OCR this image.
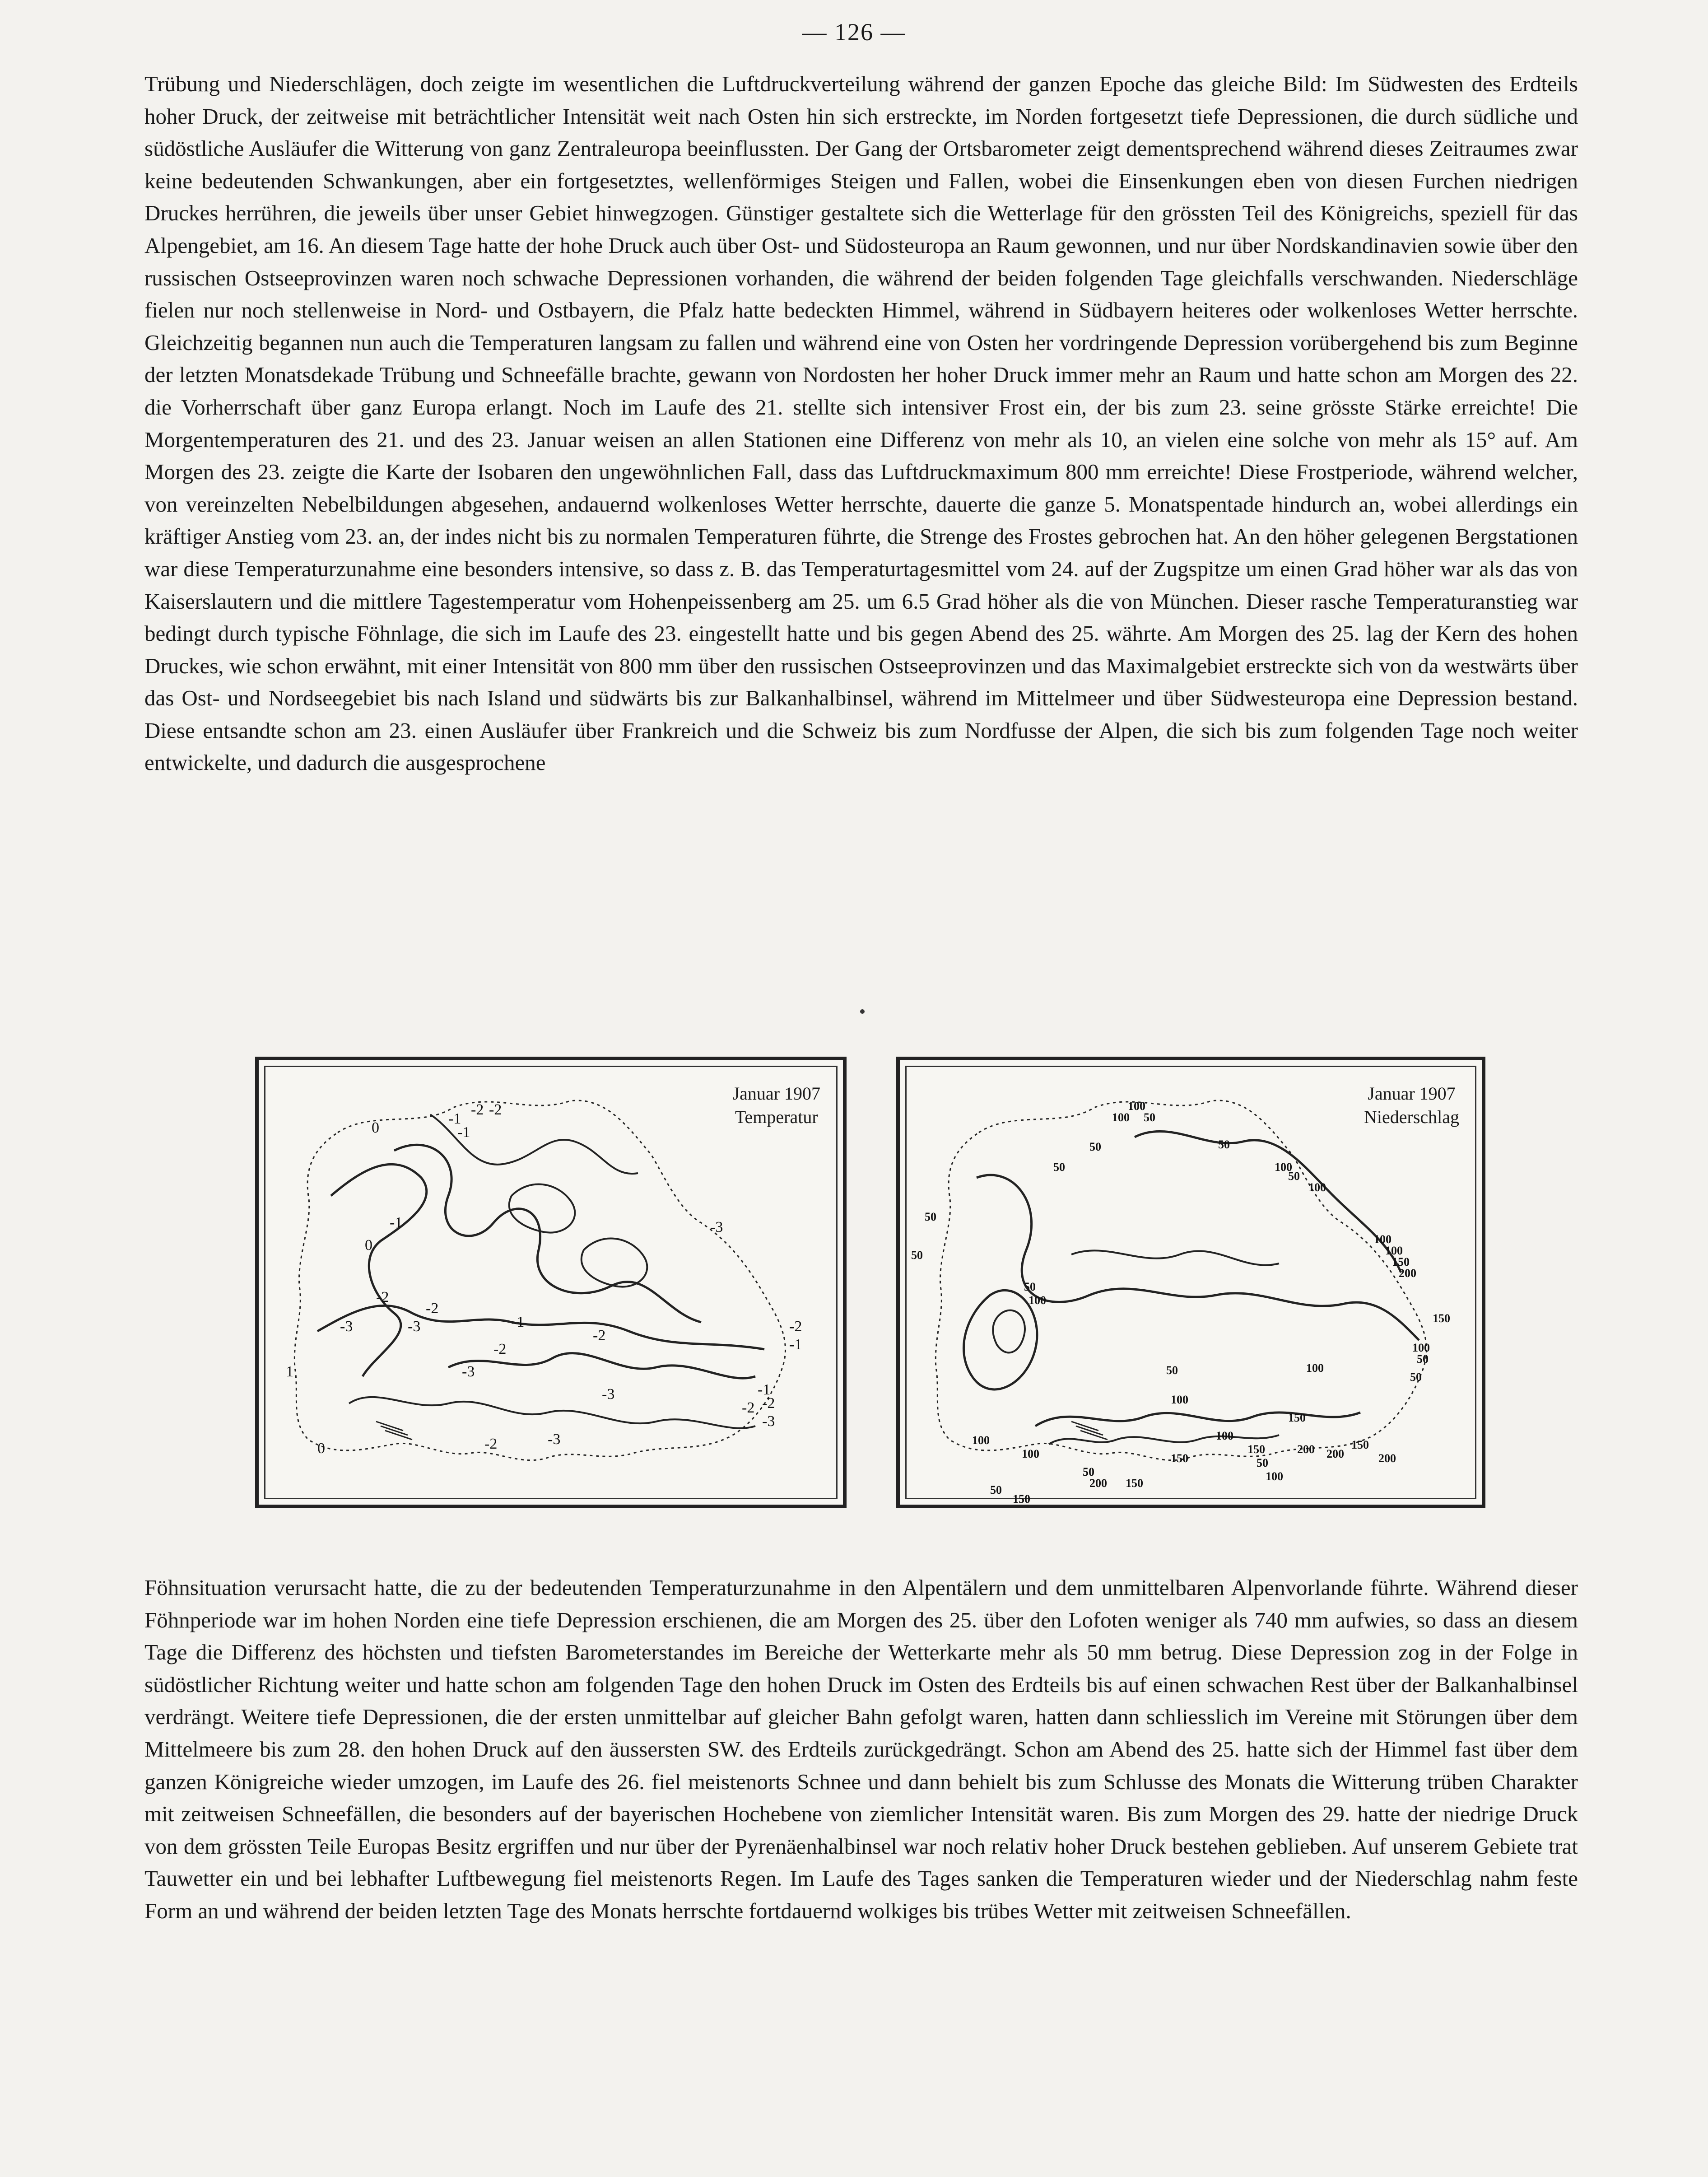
— 126 —

Trübung und Niederschlägen, doch zeigte im wesentlichen die Luftdruckverteilung während der ganzen Epoche das gleiche Bild: Im Südwesten des Erdteils hoher Druck, der zeitweise mit beträchtlicher Intensität weit nach Osten hin sich erstreckte, im Norden fortgesetzt tiefe Depressionen, die durch südliche und südöstliche Ausläufer die Witterung von ganz Zentraleuropa beeinflussten. Der Gang der Ortsbarometer zeigt dementsprechend während dieses Zeitraumes zwar keine bedeutenden Schwankungen, aber ein fortgesetztes, wellenförmiges Steigen und Fallen, wobei die Einsenkungen eben von diesen Furchen niedrigen Druckes herrühren, die jeweils über unser Gebiet hinwegzogen. Günstiger gestaltete sich die Wetterlage für den grössten Teil des Königreichs, speziell für das Alpengebiet, am 16. An diesem Tage hatte der hohe Druck auch über Ost- und Südosteuropa an Raum gewonnen, und nur über Nordskandinavien sowie über den russischen Ostseeprovinzen waren noch schwache Depressionen vorhanden, die während der beiden folgenden Tage gleichfalls verschwanden. Niederschläge fielen nur noch stellenweise in Nord- und Ostbayern, die Pfalz hatte bedeckten Himmel, während in Südbayern heiteres oder wolkenloses Wetter herrschte. Gleichzeitig begannen nun auch die Temperaturen langsam zu fallen und während eine von Osten her vordringende Depression vorübergehend bis zum Beginne der letzten Monatsdekade Trübung und Schneefälle brachte, gewann von Nordosten her hoher Druck immer mehr an Raum und hatte schon am Morgen des 22. die Vorherrschaft über ganz Europa erlangt. Noch im Laufe des 21. stellte sich intensiver Frost ein, der bis zum 23. seine grösste Stärke erreichte! Die Morgentemperaturen des 21. und des 23. Januar weisen an allen Stationen eine Differenz von mehr als 10, an vielen eine solche von mehr als 15° auf. Am Morgen des 23. zeigte die Karte der Isobaren den ungewöhnlichen Fall, dass das Luftdruckmaximum 800 mm erreichte! Diese Frostperiode, während welcher, von vereinzelten Nebelbildungen abgesehen, andauernd wolkenloses Wetter herrschte, dauerte die ganze 5. Monatspentade hindurch an, wobei allerdings ein kräftiger Anstieg vom 23. an, der indes nicht bis zu normalen Temperaturen führte, die Strenge des Frostes gebrochen hat. An den höher gelegenen Bergstationen war diese Temperaturzunahme eine besonders intensive, so dass z. B. das Temperaturtagesmittel vom 24. auf der Zugspitze um einen Grad höher war als das von Kaiserslautern und die mittlere Tagestemperatur vom Hohenpeissenberg am 25. um 6.5 Grad höher als die von München. Dieser rasche Temperaturanstieg war bedingt durch typische Föhnlage, die sich im Laufe des 23. eingestellt hatte und bis gegen Abend des 25. währte. Am Morgen des 25. lag der Kern des hohen Druckes, wie schon erwähnt, mit einer Intensität von 800 mm über den russischen Ostseeprovinzen und das Maximalgebiet erstreckte sich von da westwärts über das Ost- und Nordseegebiet bis nach Island und südwärts bis zur Balkanhalbinsel, während im Mittelmeer und über Südwesteuropa eine Depression bestand. Diese entsandte schon am 23. einen Ausläufer über Frankreich und die Schweiz bis zum Nordfusse der Alpen, die sich bis zum folgenden Tage noch weiter entwickelte, und dadurch die ausgesprochene

0
-1
-2 -2
-1
0
-1
-2
-3
-2
-3
-3
-2
-1
-2
-3
-1
-2
-3
-1
-2
-3
-2
-3
1
0	-2
Januar 1907
Temperatur
100
100 50
50	50
50	100
50
50
50
100
100
100
150
200
150
100
50
50
100
50
100
100
150
150
200 200	200
150
100
50
200 150
100
100	150
50
100
50
150
50
Januar 1907
Niederschlag

Föhnsituation verursacht hatte, die zu der bedeutenden Temperaturzunahme in den Alpentälern und dem unmittelbaren Alpenvorlande führte. Während dieser Föhnperiode war im hohen Norden eine tiefe Depression erschienen, die am Morgen des 25. über den Lofoten weniger als 740 mm aufwies, so dass an diesem Tage die Differenz des höchsten und tiefsten Barometerstandes im Bereiche der Wetterkarte mehr als 50 mm betrug. Diese Depression zog in der Folge in südöstlicher Richtung weiter und hatte schon am folgenden Tage den hohen Druck im Osten des Erdteils bis auf einen schwachen Rest über der Balkanhalbinsel verdrängt. Weitere tiefe Depressionen, die der ersten unmittelbar auf gleicher Bahn gefolgt waren, hatten dann schliesslich im Vereine mit Störungen über dem Mittelmeere bis zum 28. den hohen Druck auf den äussersten SW. des Erdteils zurückgedrängt. Schon am Abend des 25. hatte sich der Himmel fast über dem ganzen Königreiche wieder umzogen, im Laufe des 26. fiel meistenorts Schnee und dann behielt bis zum Schlusse des Monats die Witterung trüben Charakter mit zeitweisen Schneefällen, die besonders auf der bayerischen Hochebene von ziemlicher Intensität waren. Bis zum Morgen des 29. hatte der niedrige Druck von dem grössten Teile Europas Besitz ergriffen und nur über der Pyrenäenhalbinsel war noch relativ hoher Druck bestehen geblieben. Auf unserem Gebiete trat Tauwetter ein und bei lebhafter Luftbewegung fiel meistenorts Regen. Im Laufe des Tages sanken die Temperaturen wieder und der Niederschlag nahm feste Form an und während der beiden letzten Tage des Monats herrschte fortdauernd wolkiges bis trübes Wetter mit zeitweisen Schneefällen.
